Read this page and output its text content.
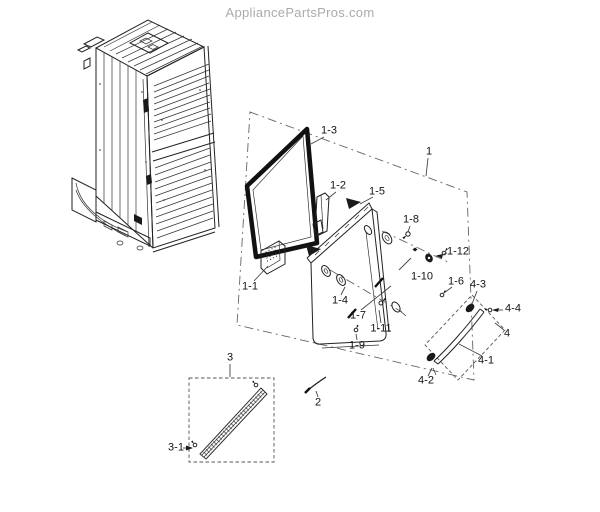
AppliancePartsPros.com
1
1-1
1-2
1-3
1-4
1-5
1-6
1-7
1-8
1-9
1-10
1-11
1-12
2
3
3-1
4
4-1
4-2
4-3
4-4
